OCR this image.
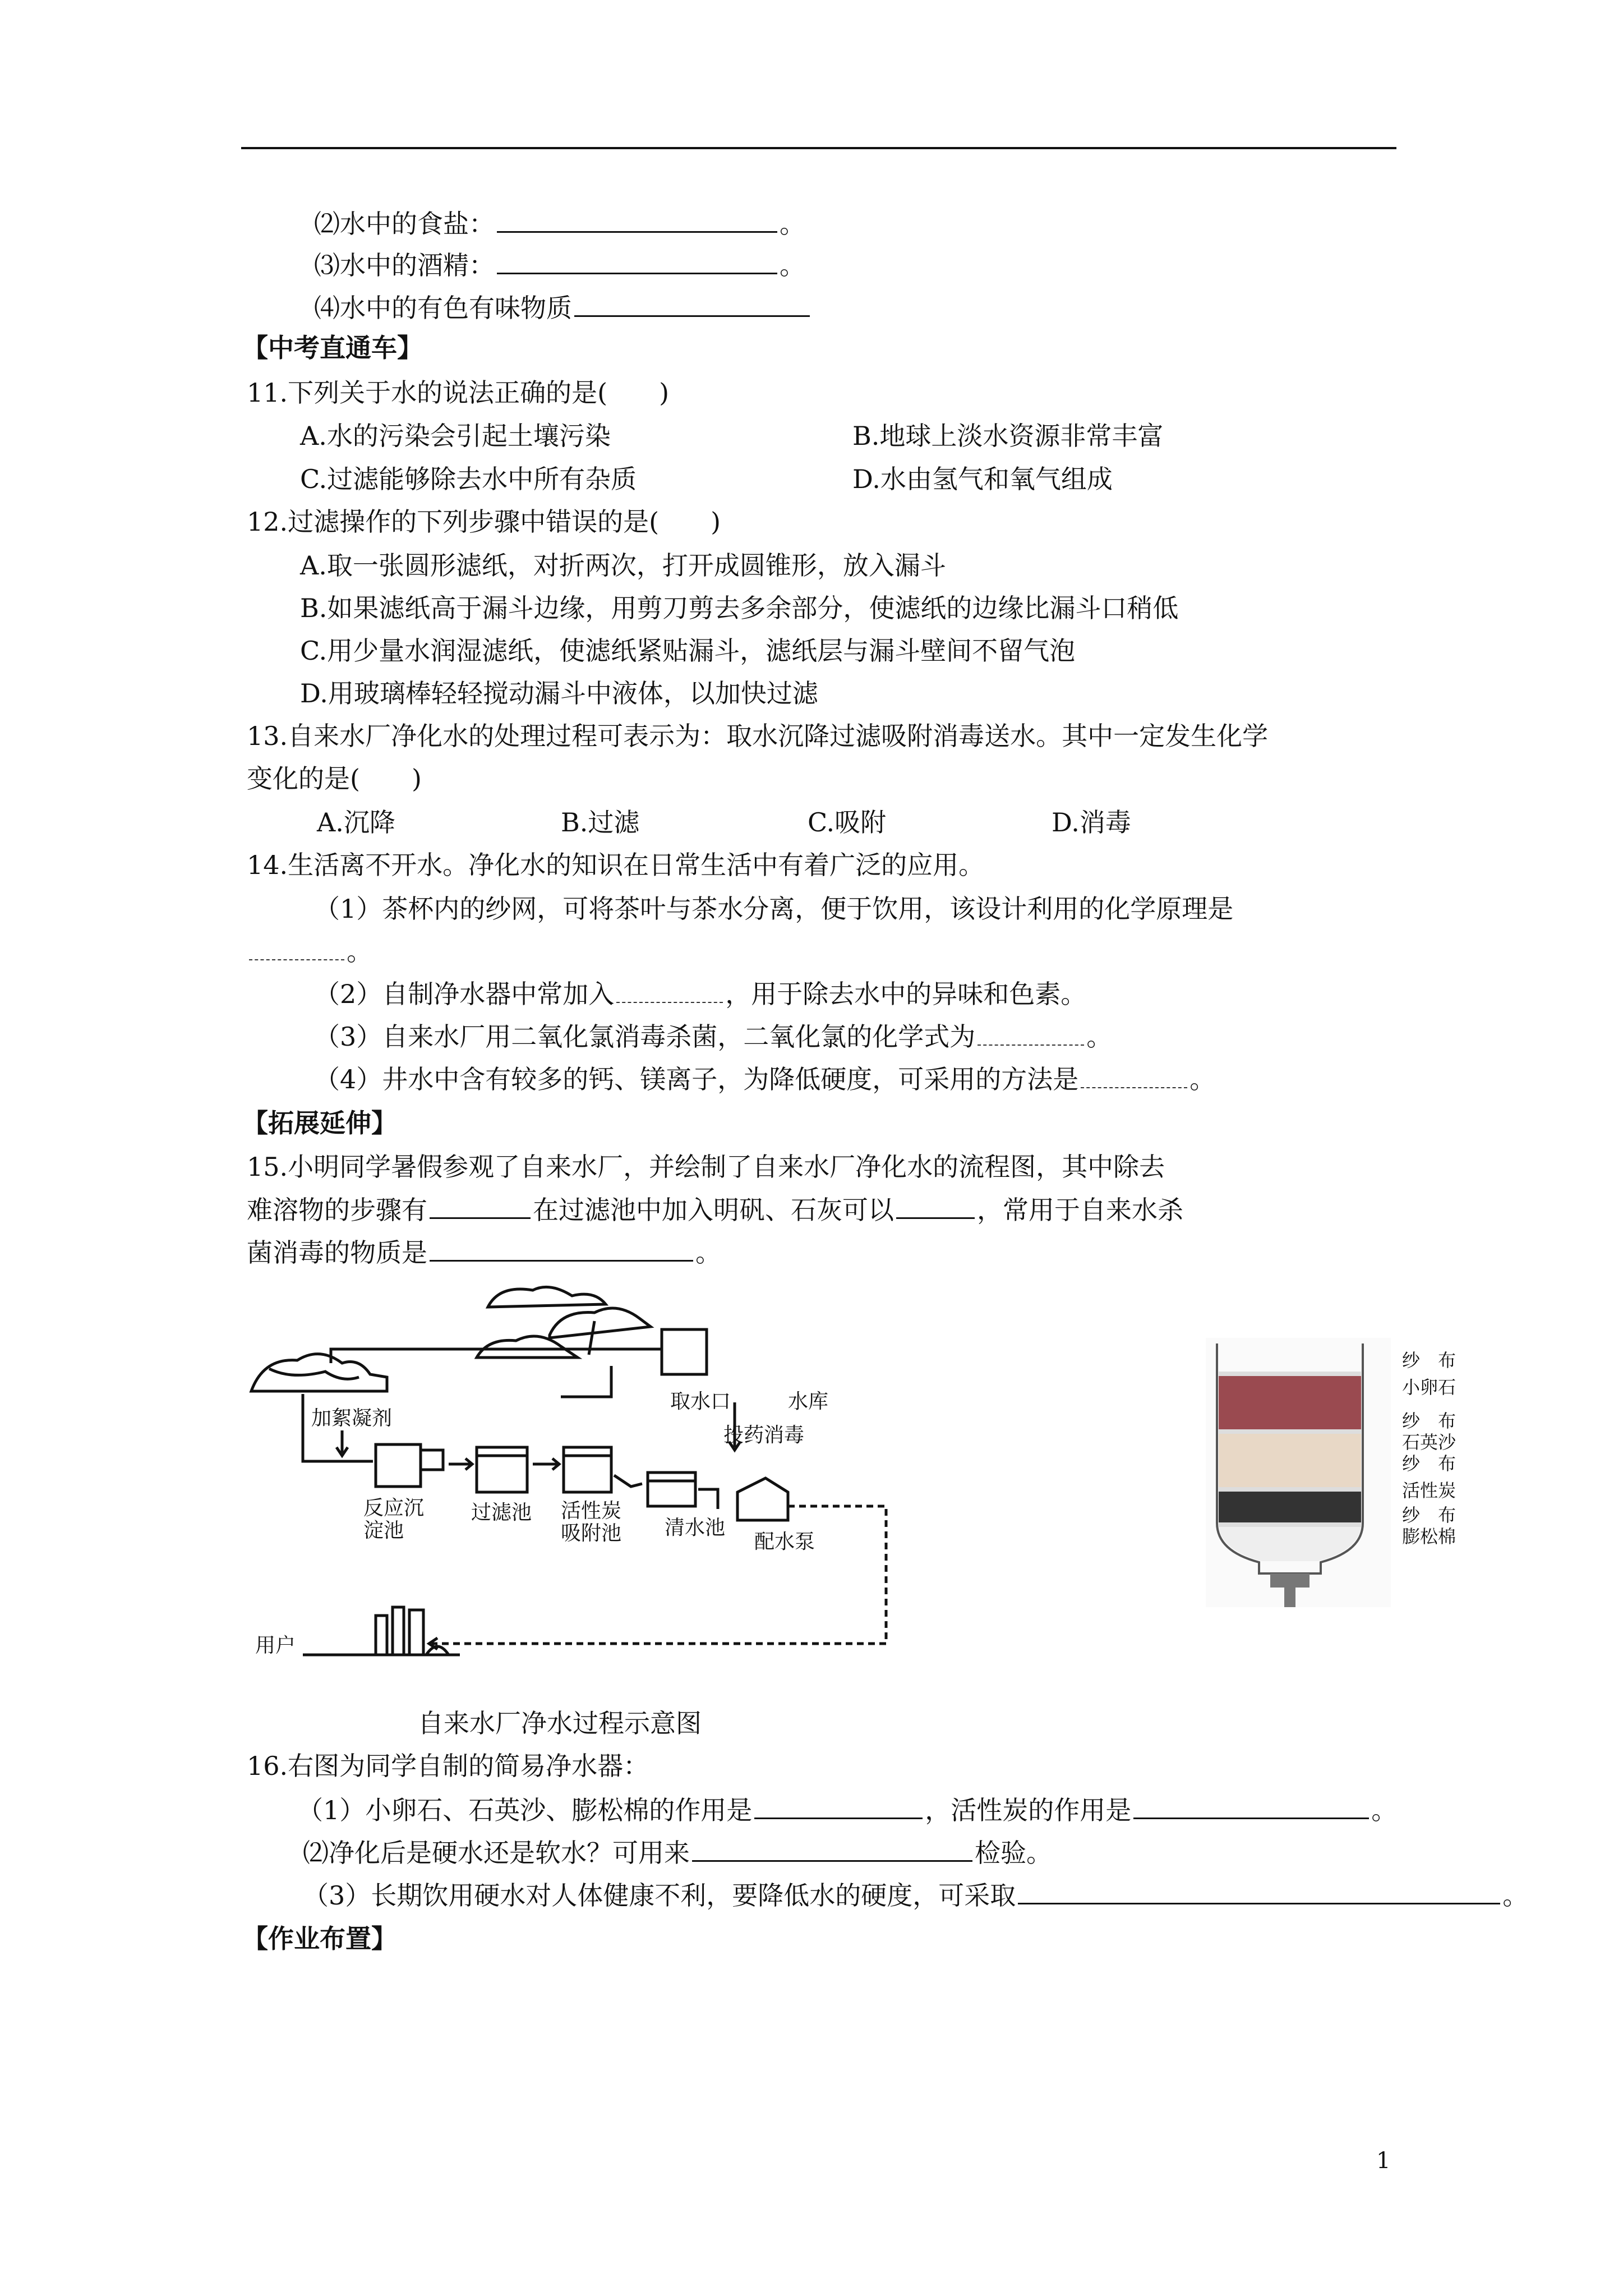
⑵水中的食盐：	。
⑶水中的酒精：	。
⑷水中的有色有味物质
【中考直通车】
11.下列关于水的说法正确的是(　　)
A.水的污染会引起土壤污染	B.地球上淡水资源非常丰富
C.过滤能够除去水中所有杂质	D.水由氢气和氧气组成
12.过滤操作的下列步骤中错误的是(　　)
A.取一张圆形滤纸，对折两次，打开成圆锥形，放入漏斗
B.如果滤纸高于漏斗边缘，用剪刀剪去多余部分，使滤纸的边缘比漏斗口稍低
C.用少量水润湿滤纸，使滤纸紧贴漏斗，滤纸层与漏斗壁间不留气泡
D.用玻璃棒轻轻搅动漏斗中液体，以加快过滤
13.自来水厂净化水的处理过程可表示为：取水沉降过滤吸附消毒送水。其中一定发生化学
变化的是(　　)
A.沉降	B.过滤	C.吸附	D.消毒
14.生活离不开水。净化水的知识在日常生活中有着广泛的应用。
（1）茶杯内的纱网，可将茶叶与茶水分离，便于饮用，该设计利用的化学原理是
。
（2）自制净水器中常加入	，用于除去水中的异味和色素。
（3）自来水厂用二氧化氯消毒杀菌，二氧化氯的化学式为	。
（4）井水中含有较多的钙、镁离子，为降低硬度，可采用的方法是	。
【拓展延伸】
15.小明同学暑假参观了自来水厂，并绘制了自来水厂净化水的流程图，其中除去
难溶物的步骤有	在过滤池中加入明矾、石灰可以	，常用于自来水杀
菌消毒的物质是	。
取水口	水库
加絮凝剂
投药消毒
反应沉
淀池
过滤池 活性炭
吸附池 清水池
配水泵
用户
自来水厂净水过程示意图
纱　布
小卵石
纱　布
石英沙
纱　布
活性炭
纱　布
膨松棉
16.右图为同学自制的简易净水器：
（1）小卵石、石英沙、膨松棉的作用是	，活性炭的作用是	。
⑵净化后是硬水还是软水？可用来	检验。
（3）长期饮用硬水对人体健康不利，要降低水的硬度，可采取	。
【作业布置】
1
